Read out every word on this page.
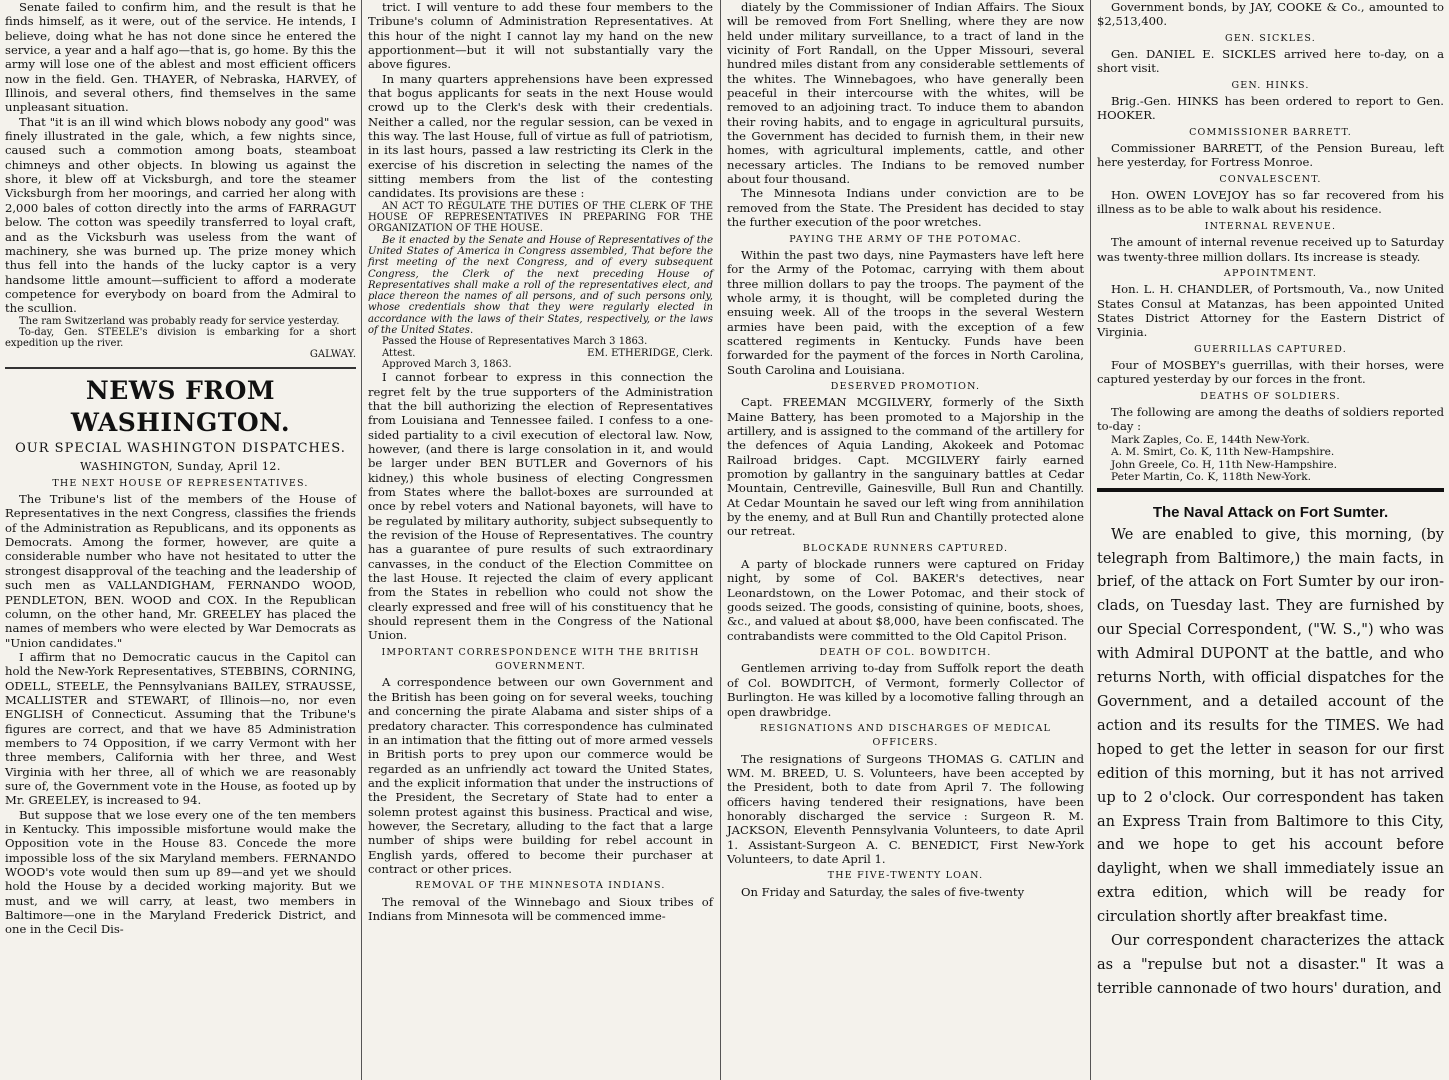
Senate failed to confirm him, and the result is that he finds himself, as it were, out of the service. He intends, I believe, doing what he has not done since he entered the service, a year and a half ago—that is, go home. By this the army will lose one of the ablest and most efficient officers now in the field. Gen. THAYER, of Nebraska, HARVEY, of Illinois, and several others, find themselves in the same unpleasant situation.

That "it is an ill wind which blows nobody any good" was finely illustrated in the gale, which, a few nights since, caused such a commotion among boats, steamboat chimneys and other objects. In blowing us against the shore, it blew off at Vicksburgh, and tore the steamer Vicksburgh from her moorings, and carried her along with 2,000 bales of cotton directly into the arms of FARRAGUT below. The cotton was speedily transferred to loyal craft, and as the Vicksburh was useless from the want of machinery, she was burned up. The prize money which thus fell into the hands of the lucky captor is a very handsome little amount—sufficient to afford a moderate competence for everybody on board from the Admiral to the scullion.

The ram Switzerland was probably ready for service yesterday.

To-day, Gen. STEELE's division is embarking for a short expedition up the river.

GALWAY.

NEWS FROM WASHINGTON.
OUR SPECIAL WASHINGTON DISPATCHES.
WASHINGTON, Sunday, April 12.
THE NEXT HOUSE OF REPRESENTATIVES.

The Tribune's list of the members of the House of Representatives in the next Congress, classifies the friends of the Administration as Republicans, and its opponents as Democrats. Among the former, however, are quite a considerable number who have not hesitated to utter the strongest disapproval of the teaching and the leadership of such men as VALLANDIGHAM, FERNANDO WOOD, PENDLETON, BEN. WOOD and COX. In the Republican column, on the other hand, Mr. GREELEY has placed the names of members who were elected by War Democrats as "Union candidates."

I affirm that no Democratic caucus in the Capitol can hold the New-York Representatives, STEBBINS, CORNING, ODELL, STEELE, the Pennsylvanians BAILEY, STRAUSSE, MCALLISTER and STEWART, of Illinois—no, nor even ENGLISH of Connecticut. Assuming that the Tribune's figures are correct, and that we have 85 Administration members to 74 Opposition, if we carry Vermont with her three members, California with her three, and West Virginia with her three, all of which we are reasonably sure of, the Government vote in the House, as footed up by Mr. GREELEY, is increased to 94.

But suppose that we lose every one of the ten members in Kentucky. This impossible misfortune would make the Opposition vote in the House 83. Concede the more impossible loss of the six Maryland members. FERNANDO WOOD's vote would then sum up 89—and yet we should hold the House by a decided working majority. But we must, and we will carry, at least, two members in Baltimore—one in the Maryland Frederick District, and one in the Cecil Dis-

trict. I will venture to add these four members to the Tribune's column of Administration Representatives. At this hour of the night I cannot lay my hand on the new apportionment—but it will not substantially vary the above figures.

In many quarters apprehensions have been expressed that bogus applicants for seats in the next House would crowd up to the Clerk's desk with their credentials. Neither a called, nor the regular session, can be vexed in this way. The last House, full of virtue as full of patriotism, in its last hours, passed a law restricting its Clerk in the exercise of his discretion in selecting the names of the sitting members from the list of the contesting candidates. Its provisions are these :

AN ACT TO REGULATE THE DUTIES OF THE CLERK OF THE HOUSE OF REPRESENTATIVES IN PREPARING FOR THE ORGANIZATION OF THE HOUSE.

Be it enacted by the Senate and House of Representatives of the United States of America in Congress assembled, That before the first meeting of the next Congress, and of every subsequent Congress, the Clerk of the next preceding House of Representatives shall make a roll of the representatives elect, and place thereon the names of all persons, and of such persons only, whose credentials show that they were regularly elected in accordance with the laws of their States, respectively, or the laws of the United States.

Passed the House of Representatives March 3 1863.

Attest.	EM. ETHERIDGE, Clerk.

Approved March 3, 1863.

I cannot forbear to express in this connection the regret felt by the true supporters of the Administration that the bill authorizing the election of Representatives from Louisiana and Tennessee failed. I confess to a one-sided partiality to a civil execution of electoral law. Now, however, (and there is large consolation in it, and would be larger under BEN BUTLER and Governors of his kidney,) this whole business of electing Congressmen from States where the ballot-boxes are surrounded at once by rebel voters and National bayonets, will have to be regulated by military authority, subject subsequently to the revision of the House of Representatives. The country has a guarantee of pure results of such extraordinary canvasses, in the conduct of the Election Committee on the last House. It rejected the claim of every applicant from the States in rebellion who could not show the clearly expressed and free will of his constituency that he should represent them in the Congress of the National Union.

IMPORTANT CORRESPONDENCE WITH THE BRITISH GOVERNMENT.

A correspondence between our own Government and the British has been going on for several weeks, touching and concerning the pirate Alabama and sister ships of a predatory character. This correspondence has culminated in an intimation that the fitting out of more armed vessels in British ports to prey upon our commerce would be regarded as an unfriendly act toward the United States, and the explicit information that under the instructions of the President, the Secretary of State had to enter a solemn protest against this business. Practical and wise, however, the Secretary, alluding to the fact that a large number of ships were building for rebel account in English yards, offered to become their purchaser at contract or other prices.

REMOVAL OF THE MINNESOTA INDIANS.

The removal of the Winnebago and Sioux tribes of Indians from Minnesota will be commenced imme-

diately by the Commissioner of Indian Affairs. The Sioux will be removed from Fort Snelling, where they are now held under military surveillance, to a tract of land in the vicinity of Fort Randall, on the Upper Missouri, several hundred miles distant from any considerable settlements of the whites. The Winnebagoes, who have generally been peaceful in their intercourse with the whites, will be removed to an adjoining tract. To induce them to abandon their roving habits, and to engage in agricultural pursuits, the Government has decided to furnish them, in their new homes, with agricultural implements, cattle, and other necessary articles. The Indians to be removed number about four thousand.

The Minnesota Indians under conviction are to be removed from the State. The President has decided to stay the further execution of the poor wretches.

PAYING THE ARMY OF THE POTOMAC.

Within the past two days, nine Paymasters have left here for the Army of the Potomac, carrying with them about three million dollars to pay the troops. The payment of the whole army, it is thought, will be completed during the ensuing week. All of the troops in the several Western armies have been paid, with the exception of a few scattered regiments in Kentucky. Funds have been forwarded for the payment of the forces in North Carolina, South Carolina and Louisiana.

DESERVED PROMOTION.

Capt. FREEMAN MCGILVERY, formerly of the Sixth Maine Battery, has been promoted to a Majorship in the artillery, and is assigned to the command of the artillery for the defences of Aquia Landing, Akokeek and Potomac Railroad bridges. Capt. MCGILVERY fairly earned promotion by gallantry in the sanguinary battles at Cedar Mountain, Centreville, Gainesville, Bull Run and Chantilly. At Cedar Mountain he saved our left wing from annihilation by the enemy, and at Bull Run and Chantilly protected alone our retreat.

BLOCKADE RUNNERS CAPTURED.

A party of blockade runners were captured on Friday night, by some of Col. BAKER's detectives, near Leonardstown, on the Lower Potomac, and their stock of goods seized. The goods, consisting of quinine, boots, shoes, &c., and valued at about $8,000, have been confiscated. The contrabandists were committed to the Old Capitol Prison.

DEATH OF COL. BOWDITCH.

Gentlemen arriving to-day from Suffolk report the death of Col. BOWDITCH, of Vermont, formerly Collector of Burlington. He was killed by a locomotive falling through an open drawbridge.

RESIGNATIONS AND DISCHARGES OF MEDICAL OFFICERS.

The resignations of Surgeons THOMAS G. CATLIN and WM. M. BREED, U. S. Volunteers, have been accepted by the President, both to date from April 7. The following officers having tendered their resignations, have been honorably discharged the service : Surgeon R. M. JACKSON, Eleventh Pennsylvania Volunteers, to date April 1. Assistant-Surgeon A. C. BENEDICT, First New-York Volunteers, to date April 1.

THE FIVE-TWENTY LOAN.

On Friday and Saturday, the sales of five-twenty

Government bonds, by JAY, COOKE & Co., amounted to $2,513,400.

GEN. SICKLES.

Gen. DANIEL E. SICKLES arrived here to-day, on a short visit.

GEN. HINKS.

Brig.-Gen. HINKS has been ordered to report to Gen. HOOKER.

COMMISSIONER BARRETT.

Commissioner BARRETT, of the Pension Bureau, left here yesterday, for Fortress Monroe.

CONVALESCENT.

Hon. OWEN LOVEJOY has so far recovered from his illness as to be able to walk about his residence.

INTERNAL REVENUE.

The amount of internal revenue received up to Saturday was twenty-three million dollars. Its increase is steady.

APPOINTMENT.

Hon. L. H. CHANDLER, of Portsmouth, Va., now United States Consul at Matanzas, has been appointed United States District Attorney for the Eastern District of Virginia.

GUERRILLAS CAPTURED.

Four of MOSBEY's guerrillas, with their horses, were captured yesterday by our forces in the front.

DEATHS OF SOLDIERS.

The following are among the deaths of soldiers reported to-day :

Mark Zaples, Co. E, 144th New-York.

A. M. Smirt, Co. K, 11th New-Hampshire.

John Greele, Co. H, 11th New-Hampshire.

Peter Martin, Co. K, 118th New-York.

The Naval Attack on Fort Sumter.

We are enabled to give, this morning, (by telegraph from Baltimore,) the main facts, in brief, of the attack on Fort Sumter by our iron-clads, on Tuesday last. They are furnished by our Special Correspondent, ("W. S.,") who was with Admiral DUPONT at the battle, and who returns North, with official dispatches for the Government, and a detailed account of the action and its results for the TIMES. We had hoped to get the letter in season for our first edition of this morning, but it has not arrived up to 2 o'clock. Our correspondent has taken an Express Train from Baltimore to this City, and we hope to get his account before daylight, when we shall immediately issue an extra edition, which will be ready for circulation shortly after breakfast time.

Our correspondent characterizes the attack as a "repulse but not a disaster." It was a terrible cannonade of two hours' duration, and
